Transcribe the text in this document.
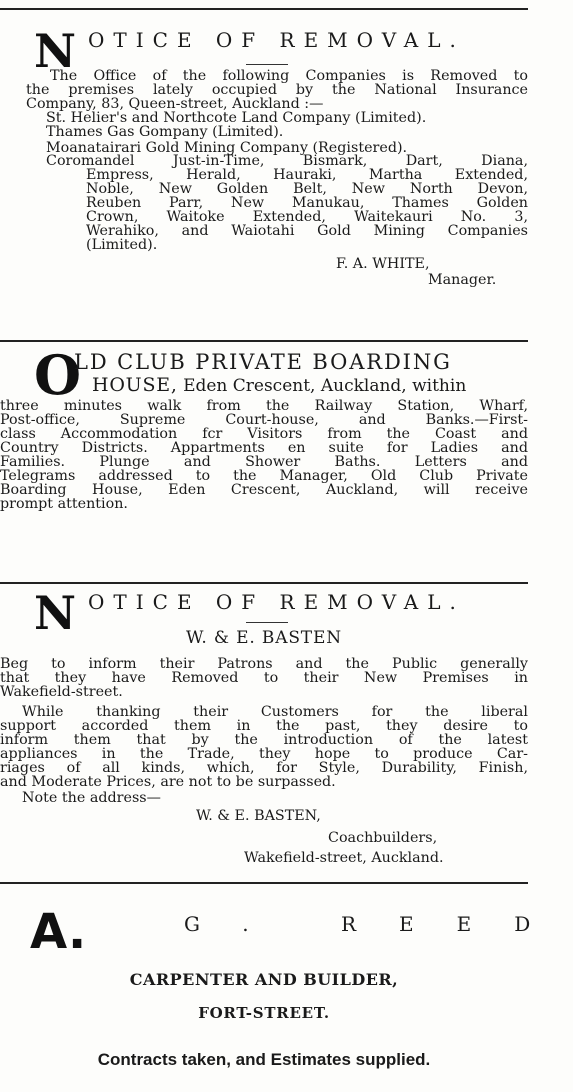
N OTICE OF REMOVAL.
The Office of the following Companies is Removed to
the premises lately occupied by the National Insurance
Company, 83, Queen-street, Auckland :—
St. Helier's and Northcote Land Company (Limited).
Thames Gas Gompany (Limited).
Moanatairari Gold Mining Company (Registered).
Coromandel Just-in-Time, Bismark, Dart, Diana,
Empress, Herald, Hauraki, Martha Extended,
Noble, New Golden Belt, New North Devon,
Reuben Parr, New Manukau, Thames Golden
Crown, Waitoke Extended, Waitekauri No. 3,
Werahiko, and Waiotahi Gold Mining Companies
(Limited).
F. A. WHITE,
Manager.
O
LD CLUB PRIVATE BOARDING
HOUSE, Eden Crescent, Auckland, within
three minutes walk from the Railway Station, Wharf,
Post-office, Supreme Court-house, and Banks.—First-
class Accommodation fcr Visitors from the Coast and
Country Districts. Appartments en suite for Ladies and
Families. Plunge and Shower Baths. Letters and
Telegrams addressed to the Manager, Old Club Private
Boarding House, Eden Crescent, Auckland, will receive
prompt attention.
N OTICE OF REMOVAL.
W. & E. BASTEN
Beg to inform their Patrons and the Public generally
that they have Removed to their New Premises in
Wakefield-street.
While thanking their Customers for the liberal
support accorded them in the past, they desire to
inform them that by the introduction of the latest
appliances in the Trade, they hope to produce Car-
riages of all kinds, which, for Style, Durability, Finish,
and Moderate Prices, are not to be surpassed.
Note the address—
W. & E. BASTEN,
Coachbuilders,
Wakefield-street, Auckland.
A.	G. REED
CARPENTER AND BUILDER,
FORT-STREET.
Contracts taken, and Estimates supplied.
